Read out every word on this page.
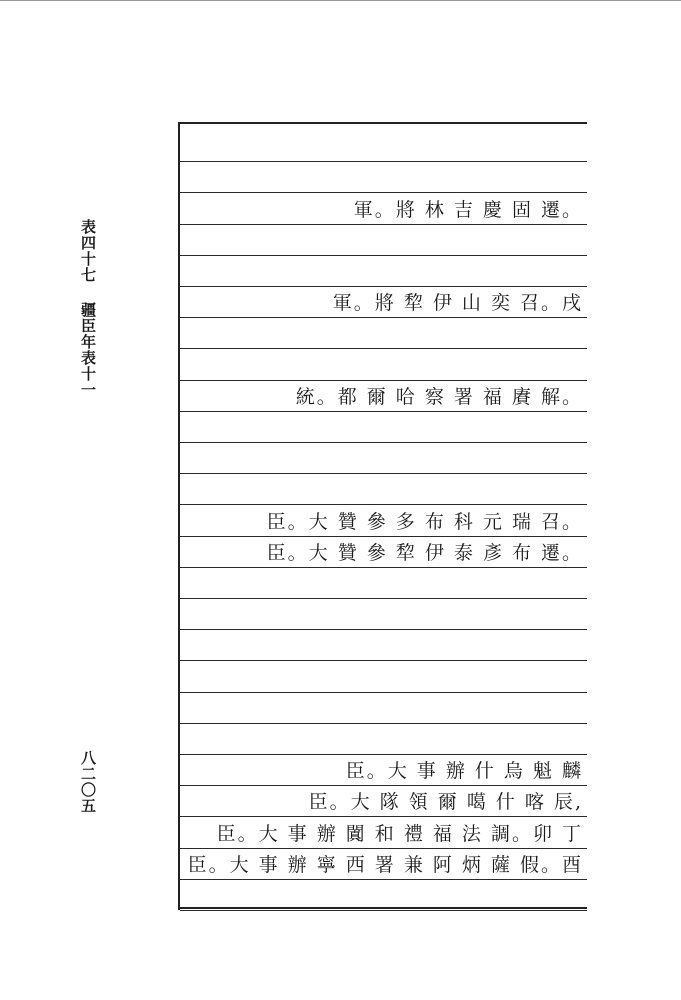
表四十七 疆臣年表十一
八二〇五
軍。將 林 吉 慶 固 遷。
軍。將 犂 伊 山 奕 召。戌
統。都 爾 哈 察 署 福 賡 解。
臣。大 贊 參 多 布 科 元 瑞 召。
臣。大 贊 參 犂 伊 泰 彥 布 遷。
臣。大 事 辦 什 烏 魁 麟
臣。大 隊 領 爾 噶 什 喀 辰,
臣。大 事 辦 闐 和 禮 福 法 調。卯 丁
臣。大 事 辦 寧 西 署 兼 阿 炳 薩 假。酉
